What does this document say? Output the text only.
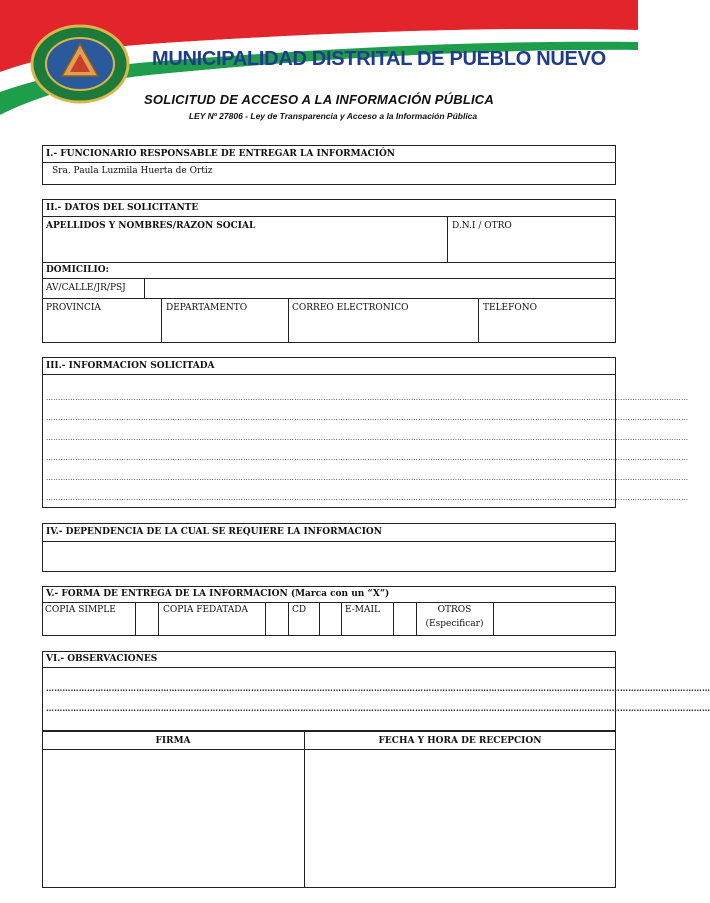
MUNICIPALIDAD DISTRITAL DE PUEBLO NUEVO
SOLICITUD DE ACCESO A LA INFORMACIÓN PÚBLICA
LEY Nº 27806 - Ley de Transparencia y Acceso a la Información Pública
I.- FUNCIONARIO RESPONSABLE DE ENTREGAR LA INFORMACIÓN
Sra. Paula Luzmila Huerta de Ortiz
II.- DATOS DEL SOLICITANTE
APELLIDOS Y NOMBRES/RAZON SOCIAL	D.N.I / OTRO
DOMICILIO:
AV/CALLE/JR/PSJ
PROVINCIA	DEPARTAMENTO	CORREO ELECTRONICO	TELEFONO
III.- INFORMACION SOLICITADA
…………………………………………………………………………………………………………………………………………………………………………………………………………………………………………
…………………………………………………………………………………………………………………………………………………………………………………………………………………………………………
…………………………………………………………………………………………………………………………………………………………………………………………………………………………………………
…………………………………………………………………………………………………………………………………………………………………………………………………………………………………………
…………………………………………………………………………………………………………………………………………………………………………………………………………………………………………
…………………………………………………………………………………………………………………………………………………………………………………………………………………………………………
IV.- DEPENDENCIA DE LA CUAL SE REQUIERE LA INFORMACION
V.- FORMA DE ENTREGA DE LA INFORMACION (Marca con un “X”)
COPIA SIMPLE	COPIA FEDATADA	CD	E-MAIL	OTROS
(Especificar)
VI.- OBSERVACIONES
………………………………………………………………………………………………………………………………………………………………………………………………………………………
………………………………………………………………………………………………………………………………………………………………………………………………………………………
FIRMA	FECHA Y HORA DE RECEPCION
